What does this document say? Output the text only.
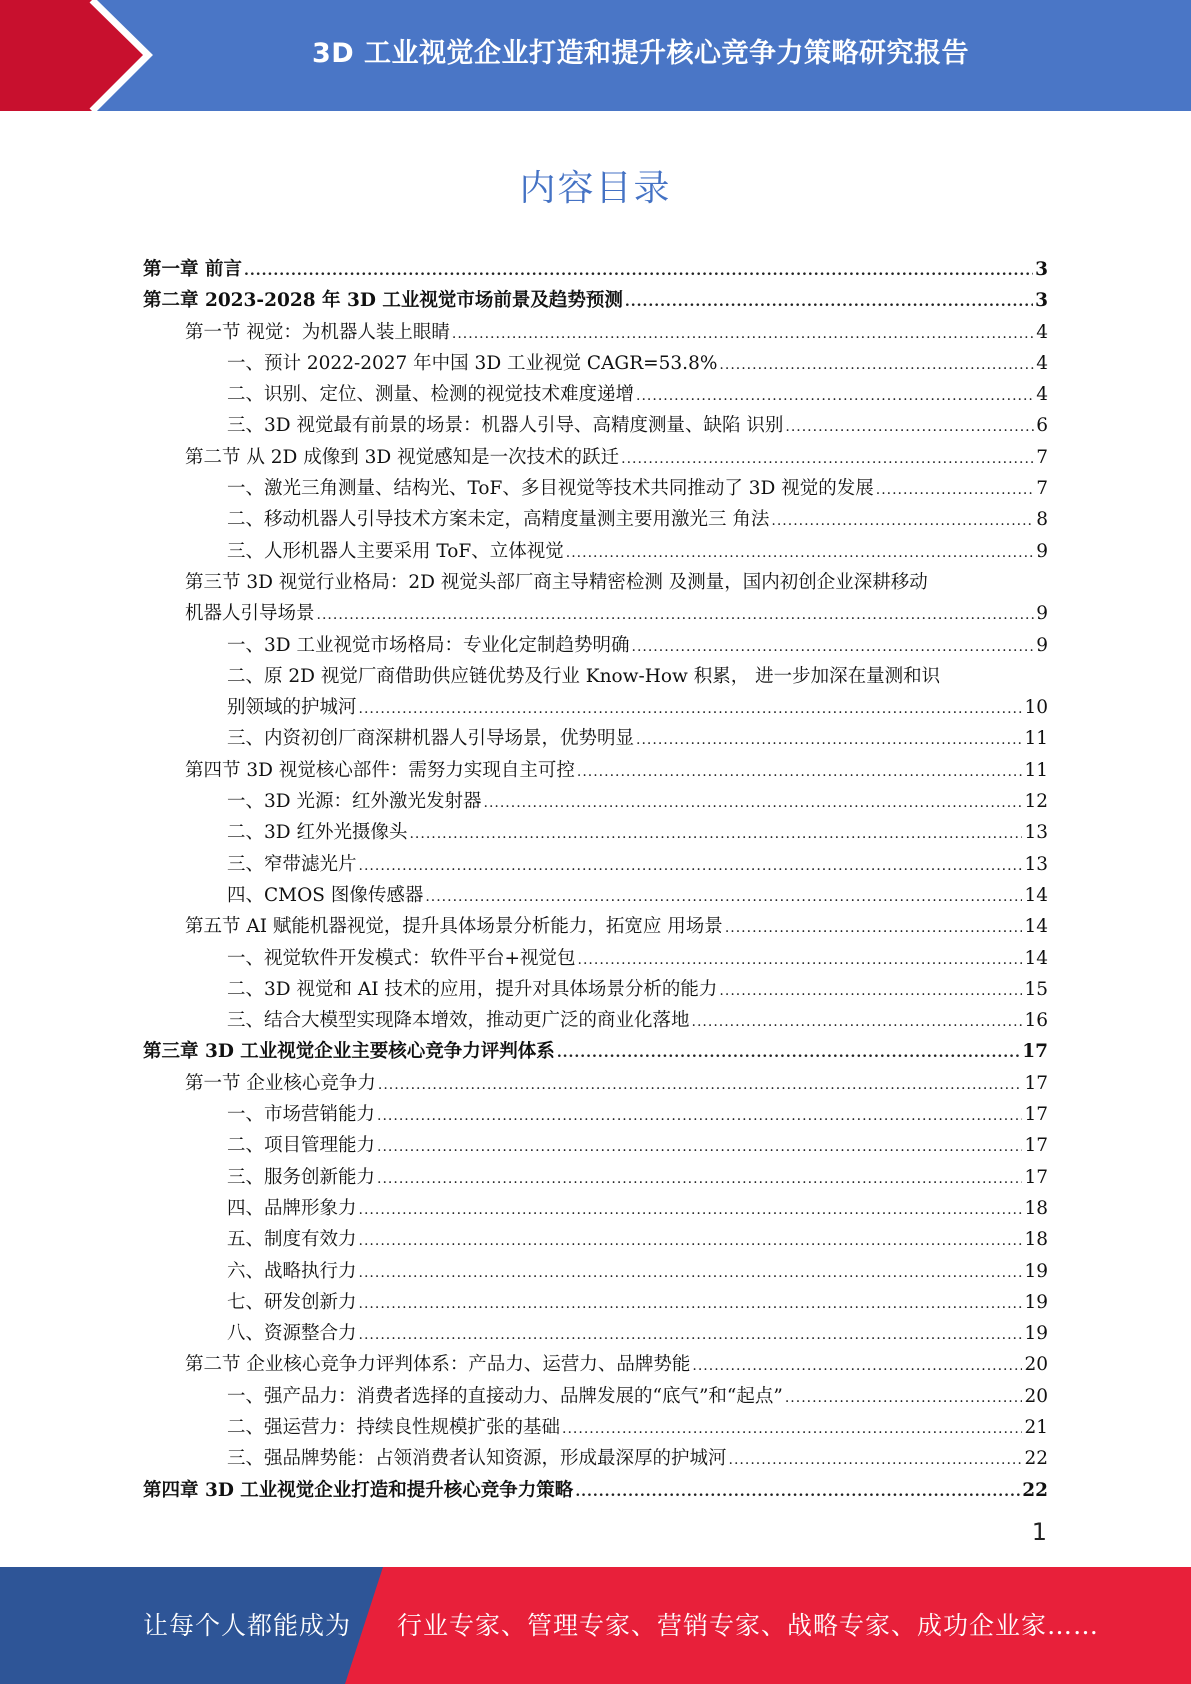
3D 工业视觉企业打造和提升核心竞争力策略研究报告
内容目录
第一章 前言 .....	3
第二章 2023-2028 年 3D 工业视觉市场前景及趋势预测 .....	3
第一节 视觉：为机器人装上眼睛 .....	4
一、预计 2022-2027 年中国 3D 工业视觉 CAGR=53.8% .....	4
二、识别、定位、测量、检测的视觉技术难度递增 .....	4
三、3D 视觉最有前景的场景：机器人引导、高精度测量、缺陷 识别 .....	6
第二节 从 2D 成像到 3D 视觉感知是一次技术的跃迁 .....	7
一、激光三角测量、结构光、ToF、多目视觉等技术共同推动了 3D 视觉的发展 .....	7
二、移动机器人引导技术方案未定，高精度量测主要用激光三 角法 .....	8
三、人形机器人主要采用 ToF、立体视觉 .....	9
第三节 3D 视觉行业格局：2D 视觉头部厂商主导精密检测 及测量，国内初创企业深耕移动
机器人引导场景 .....	9
一、3D 工业视觉市场格局：专业化定制趋势明确 .....	9
二、原 2D 视觉厂商借助供应链优势及行业 Know-How 积累， 进一步加深在量测和识
别领域的护城河 .....	10
三、内资初创厂商深耕机器人引导场景，优势明显 .....	11
第四节 3D 视觉核心部件：需努力实现自主可控 .....	11
一、3D 光源：红外激光发射器 .....	12
二、3D 红外光摄像头 .....	13
三、窄带滤光片 .....	13
四、CMOS 图像传感器 .....	14
第五节 AI 赋能机器视觉，提升具体场景分析能力，拓宽应 用场景 .....	14
一、视觉软件开发模式：软件平台+视觉包 .....	14
二、3D 视觉和 AI 技术的应用，提升对具体场景分析的能力 .....	15
三、结合大模型实现降本增效，推动更广泛的商业化落地 .....	16
第三章 3D 工业视觉企业主要核心竞争力评判体系 .....	17
第一节 企业核心竞争力 .....	17
一、市场营销能力 .....	17
二、项目管理能力 .....	17
三、服务创新能力 .....	17
四、品牌形象力 .....	18
五、制度有效力 .....	18
六、战略执行力 .....	19
七、研发创新力 .....	19
八、资源整合力 .....	19
第二节 企业核心竞争力评判体系：产品力、运营力、品牌势能 .....	20
一、强产品力：消费者选择的直接动力、品牌发展的“底气”和“起点” .....	20
二、强运营力：持续良性规模扩张的基础 .....	21
三、强品牌势能：占领消费者认知资源，形成最深厚的护城河 .....	22
第四章 3D 工业视觉企业打造和提升核心竞争力策略 .....	22
1
让每个人都能成为 行业专家、管理专家、营销专家、战略专家、成功企业家……
